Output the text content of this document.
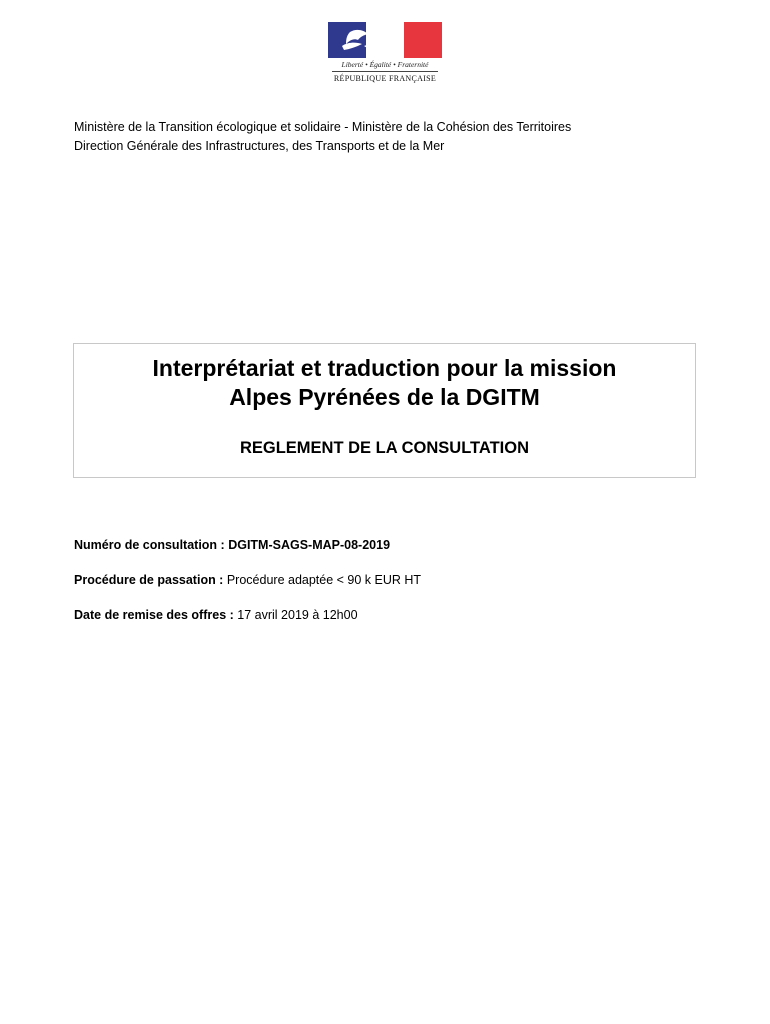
Liberté • Égalité • Fraternité
RÉPUBLIQUE FRANÇAISE
Ministère de la Transition écologique et solidaire - Ministère de la Cohésion des Territoires
Direction Générale des Infrastructures, des Transports et de la Mer
Interprétariat et traduction pour la mission
Alpes Pyrénées de la DGITM
REGLEMENT DE LA CONSULTATION
Numéro de consultation : DGITM-SAGS-MAP-08-2019
Procédure de passation : Procédure adaptée < 90 k EUR HT
Date de remise des offres : 17 avril 2019 à 12h00
